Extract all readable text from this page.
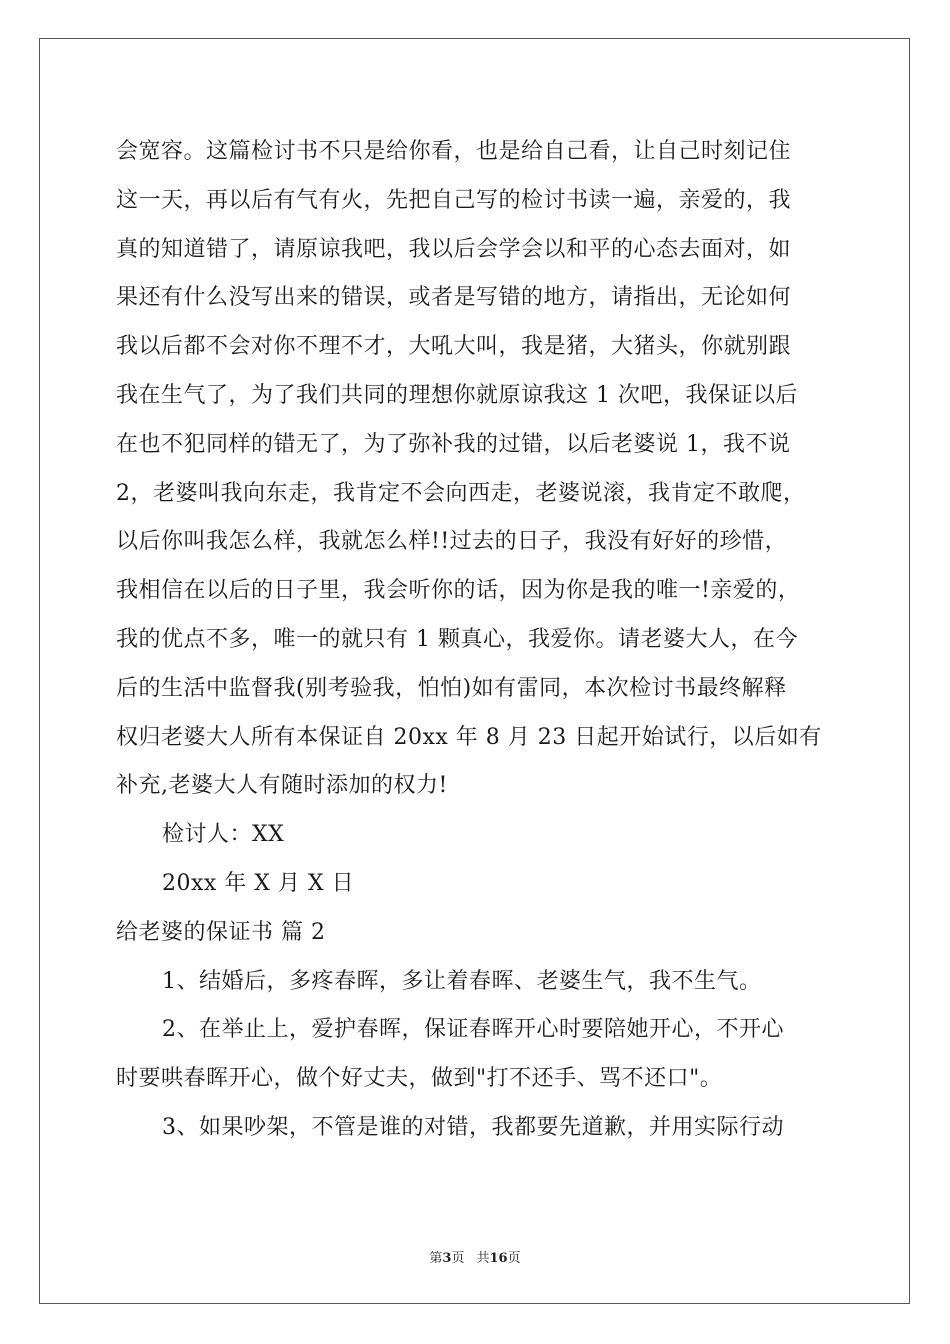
会宽容。这篇检讨书不只是给你看，也是给自己看，让自己时刻记住
这一天，再以后有气有火，先把自己写的检讨书读一遍，亲爱的，我
真的知道错了，请原谅我吧，我以后会学会以和平的心态去面对，如
果还有什么没写出来的错误，或者是写错的地方，请指出，无论如何
我以后都不会对你不理不才，大吼大叫，我是猪，大猪头，你就别跟
我在生气了，为了我们共同的理想你就原谅我这 1 次吧，我保证以后
在也不犯同样的错无了，为了弥补我的过错，以后老婆说 1，我不说
2，老婆叫我向东走，我肯定不会向西走，老婆说滚，我肯定不敢爬，
以后你叫我怎么样，我就怎么样!!过去的日子，我没有好好的珍惜，
我相信在以后的日子里，我会听你的话，因为你是我的唯一!亲爱的，
我的优点不多，唯一的就只有 1 颗真心，我爱你。请老婆大人，在今
后的生活中监督我(别考验我，怕怕)如有雷同，本次检讨书最终解释
权归老婆大人所有本保证自 20xx 年 8 月 23 日起开始试行，以后如有
补充,老婆大人有随时添加的权力!
检讨人：XX
20xx 年 X 月 X 日
给老婆的保证书 篇 2
1、结婚后，多疼春晖，多让着春晖、老婆生气，我不生气。
2、在举止上，爱护春晖，保证春晖开心时要陪她开心，不开心
时要哄春晖开心，做个好丈夫，做到"打不还手、骂不还口"。
3、如果吵架，不管是谁的对错，我都要先道歉，并用实际行动
第3页 共16页
